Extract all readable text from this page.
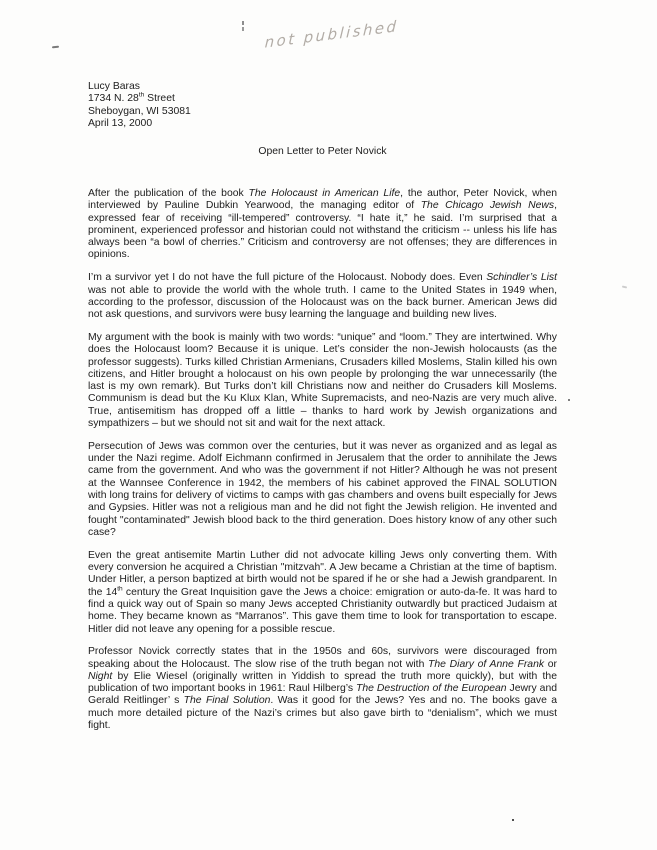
not published
Lucy Baras
1734 N. 28th Street
Sheboygan, WI 53081
April 13, 2000
Open Letter to Peter Novick

After the publication of the book The Holocaust in American Life, the author, Peter Novick, when interviewed by Pauline Dubkin Yearwood, the managing editor of The Chicago Jewish News, expressed fear of receiving “ill-tempered” controversy. “I hate it,” he said. I’m surprised that a prominent, experienced professor and historian could not withstand the criticism -- unless his life has always been “a bowl of cherries.” Criticism and controversy are not offenses; they are differences in opinions.

I’m a survivor yet I do not have the full picture of the Holocaust. Nobody does. Even Schindler’s List was not able to provide the world with the whole truth. I came to the United States in 1949 when, according to the professor, discussion of the Holocaust was on the back burner. American Jews did not ask questions, and survivors were busy learning the language and building new lives.

My argument with the book is mainly with two words: “unique” and “loom.” They are intertwined. Why does the Holocaust loom? Because it is unique. Let’s consider the non-Jewish holocausts (as the professor suggests). Turks killed Christian Armenians, Crusaders killed Moslems, Stalin killed his own citizens, and Hitler brought a holocaust on his own people by prolonging the war unnecessarily (the last is my own remark). But Turks don’t kill Christians now and neither do Crusaders kill Moslems. Communism is dead but the Ku Klux Klan, White Supremacists, and neo-Nazis are very much alive. True, antisemitism has dropped off a little – thanks to hard work by Jewish organizations and sympathizers – but we should not sit and wait for the next attack.

Persecution of Jews was common over the centuries, but it was never as organized and as legal as under the Nazi regime. Adolf Eichmann confirmed in Jerusalem that the order to annihilate the Jews came from the government. And who was the government if not Hitler? Although he was not present at the Wannsee Conference in 1942, the members of his cabinet approved the FINAL SOLUTION with long trains for delivery of victims to camps with gas chambers and ovens built especially for Jews and Gypsies. Hitler was not a religious man and he did not fight the Jewish religion. He invented and fought "contaminated" Jewish blood back to the third generation. Does history know of any other such case?

Even the great antisemite Martin Luther did not advocate killing Jews only converting them. With every conversion he acquired a Christian "mitzvah". A Jew became a Christian at the time of baptism. Under Hitler, a person baptized at birth would not be spared if he or she had a Jewish grandparent. In the 14th century the Great Inquisition gave the Jews a choice: emigration or auto-da-fe. It was hard to find a quick way out of Spain so many Jews accepted Christianity outwardly but practiced Judaism at home. They became known as “Marranos”. This gave them time to look for transportation to escape. Hitler did not leave any opening for a possible rescue.

Professor Novick correctly states that in the 1950s and 60s, survivors were discouraged from speaking about the Holocaust. The slow rise of the truth began not with The Diary of Anne Frank or Night by Elie Wiesel (originally written in Yiddish to spread the truth more quickly), but with the publication of two important books in 1961: Raul Hilberg’s The Destruction of the European Jewry and Gerald Reitlinger’ s The Final Solution. Was it good for the Jews? Yes and no. The books gave a much more detailed picture of the Nazi’s crimes but also gave birth to “denialism”, which we must fight.
